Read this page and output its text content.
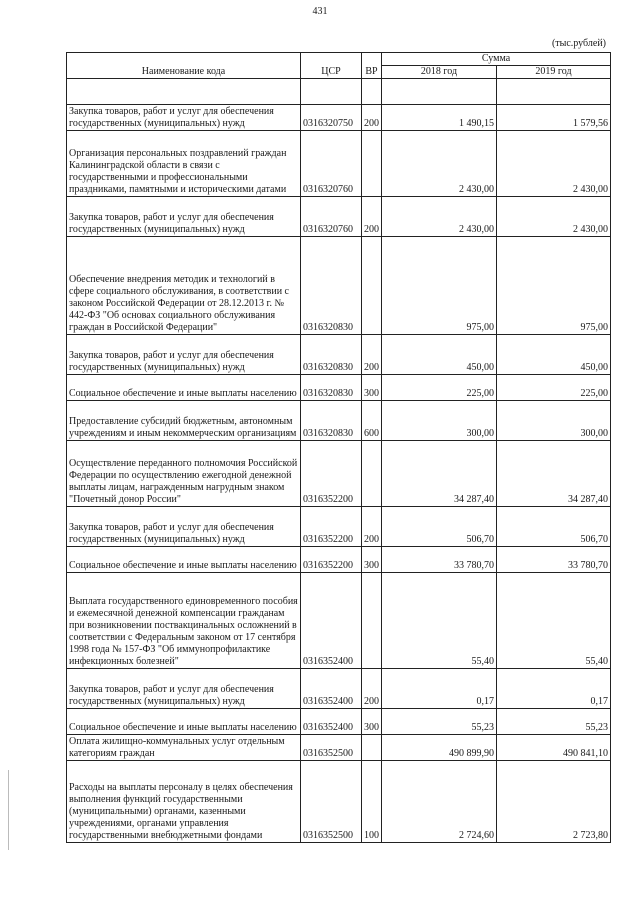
431
(тыс.рублей)
Наименование кода	ЦСР	ВР	Сумма	
			2018 год	2019 год

Закупка товаров, работ и услуг для обеспечения государственных (муниципальных) нужд	0316320750	200	1 490,15	1 579,56
Организация персональных поздравлений граждан Калининградской области в связи с государственными и профессиональными праздниками, памятными и историческими датами	0316320760		2 430,00	2 430,00
Закупка товаров, работ и услуг для обеспечения государственных (муниципальных) нужд	0316320760	200	2 430,00	2 430,00
Обеспечение внедрения методик и технологий в сфере социального обслуживания, в соответствии с законом Российской Федерации от 28.12.2013 г. № 442-ФЗ "Об основах социального обслуживания граждан в Российской Федерации"	0316320830		975,00	975,00
Закупка товаров, работ и услуг для обеспечения государственных (муниципальных) нужд	0316320830	200	450,00	450,00
Социальное обеспечение и иные выплаты населению	0316320830	300	225,00	225,00
Предоставление субсидий бюджетным, автономным учреждениям и иным некоммерческим организациям	0316320830	600	300,00	300,00
Осуществление переданного полномочия Российской Федерации по осуществлению ежегодной денежной выплаты лицам, награжденным нагрудным знаком "Почетный донор России"	0316352200		34 287,40	34 287,40
Закупка товаров, работ и услуг для обеспечения государственных (муниципальных) нужд	0316352200	200	506,70	506,70
Социальное обеспечение и иные выплаты населению	0316352200	300	33 780,70	33 780,70
Выплата государственного единовременного пособия и ежемесячной денежной компенсации гражданам при возникновении поствакцинальных осложнений в соответствии с Федеральным законом от 17 сентября 1998 года № 157-ФЗ "Об иммунопрофилактике инфекционных болезней"	0316352400		55,40	55,40
Закупка товаров, работ и услуг для обеспечения государственных (муниципальных) нужд	0316352400	200	0,17	0,17
Социальное обеспечение и иные выплаты населению	0316352400	300	55,23	55,23
Оплата жилищно-коммунальных услуг отдельным категориям граждан	0316352500		490 899,90	490 841,10
Расходы на выплаты персоналу в целях обеспечения выполнения функций государственными (муниципальными) органами, казенными учреждениями, органами управления государственными внебюджетными фондами	0316352500	100	2 724,60	2 723,80
